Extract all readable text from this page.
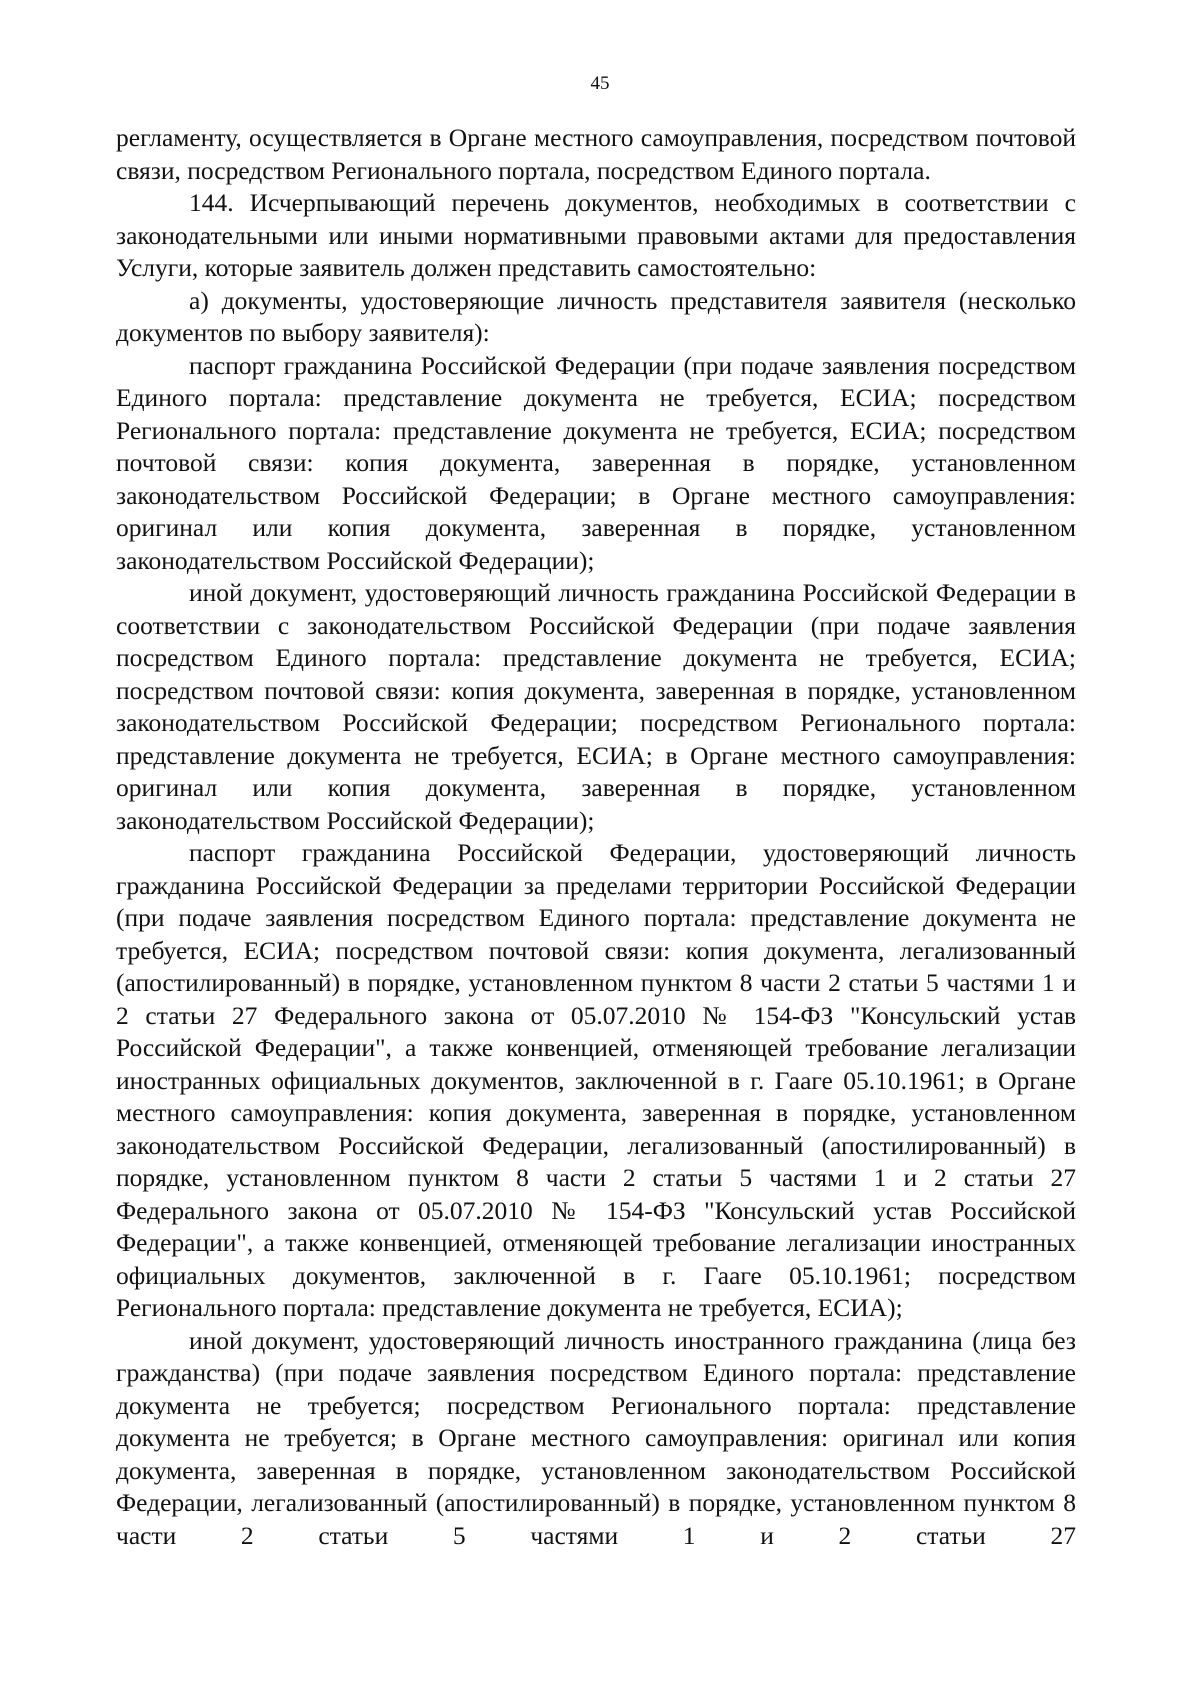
45

регламенту, осуществляется в Органе местного самоуправления, посредством почтовой связи, посредством Регионального портала, посредством Единого портала.

144. Исчерпывающий перечень документов, необходимых в соответствии с законодательными или иными нормативными правовыми актами для предоставления Услуги, которые заявитель должен представить самостоятельно:

а) документы, удостоверяющие личность представителя заявителя (несколько документов по выбору заявителя):

паспорт гражданина Российской Федерации (при подаче заявления посредством Единого портала: представление документа не требуется, ЕСИА; посредством Регионального портала: представление документа не требуется, ЕСИА; посредством почтовой связи: копия документа, заверенная в порядке, установленном законодательством Российской Федерации; в Органе местного самоуправления: оригинал или копия документа, заверенная в порядке, установленном законодательством Российской Федерации);

иной документ, удостоверяющий личность гражданина Российской Федерации в соответствии с законодательством Российской Федерации (при подаче заявления посредством Единого портала: представление документа не требуется, ЕСИА; посредством почтовой связи: копия документа, заверенная в порядке, установленном законодательством Российской Федерации; посредством Регионального портала: представление документа не требуется, ЕСИА; в Органе местного самоуправления: оригинал или копия документа, заверенная в порядке, установленном законодательством Российской Федерации);

паспорт гражданина Российской Федерации, удостоверяющий личность гражданина Российской Федерации за пределами территории Российской Федерации (при подаче заявления посредством Единого портала: представление документа не требуется, ЕСИА; посредством почтовой связи: копия документа, легализованный (апостилированный) в порядке, установленном пунктом 8 части 2 статьи 5 частями 1 и 2 статьи 27 Федерального закона от 05.07.2010 № 154-ФЗ "Консульский устав Российской Федерации", а также конвенцией, отменяющей требование легализации иностранных официальных документов, заключенной в г. Гааге 05.10.1961; в Органе местного самоуправления: копия документа, заверенная в порядке, установленном законодательством Российской Федерации, легализованный (апостилированный) в порядке, установленном пунктом 8 части 2 статьи 5 частями 1 и 2 статьи 27 Федерального закона от 05.07.2010 № 154-ФЗ "Консульский устав Российской Федерации", а также конвенцией, отменяющей требование легализации иностранных официальных документов, заключенной в г. Гааге 05.10.1961; посредством Регионального портала: представление документа не требуется, ЕСИА);

иной документ, удостоверяющий личность иностранного гражданина (лица без гражданства) (при подаче заявления посредством Единого портала: представление документа не требуется; посредством Регионального портала: представление документа не требуется; в Органе местного самоуправления: оригинал или копия документа, заверенная в порядке, установленном законодательством Российской Федерации, легализованный (апостилированный) в порядке, установленном пунктом 8 части 2 статьи 5 частями 1 и 2 статьи 27
